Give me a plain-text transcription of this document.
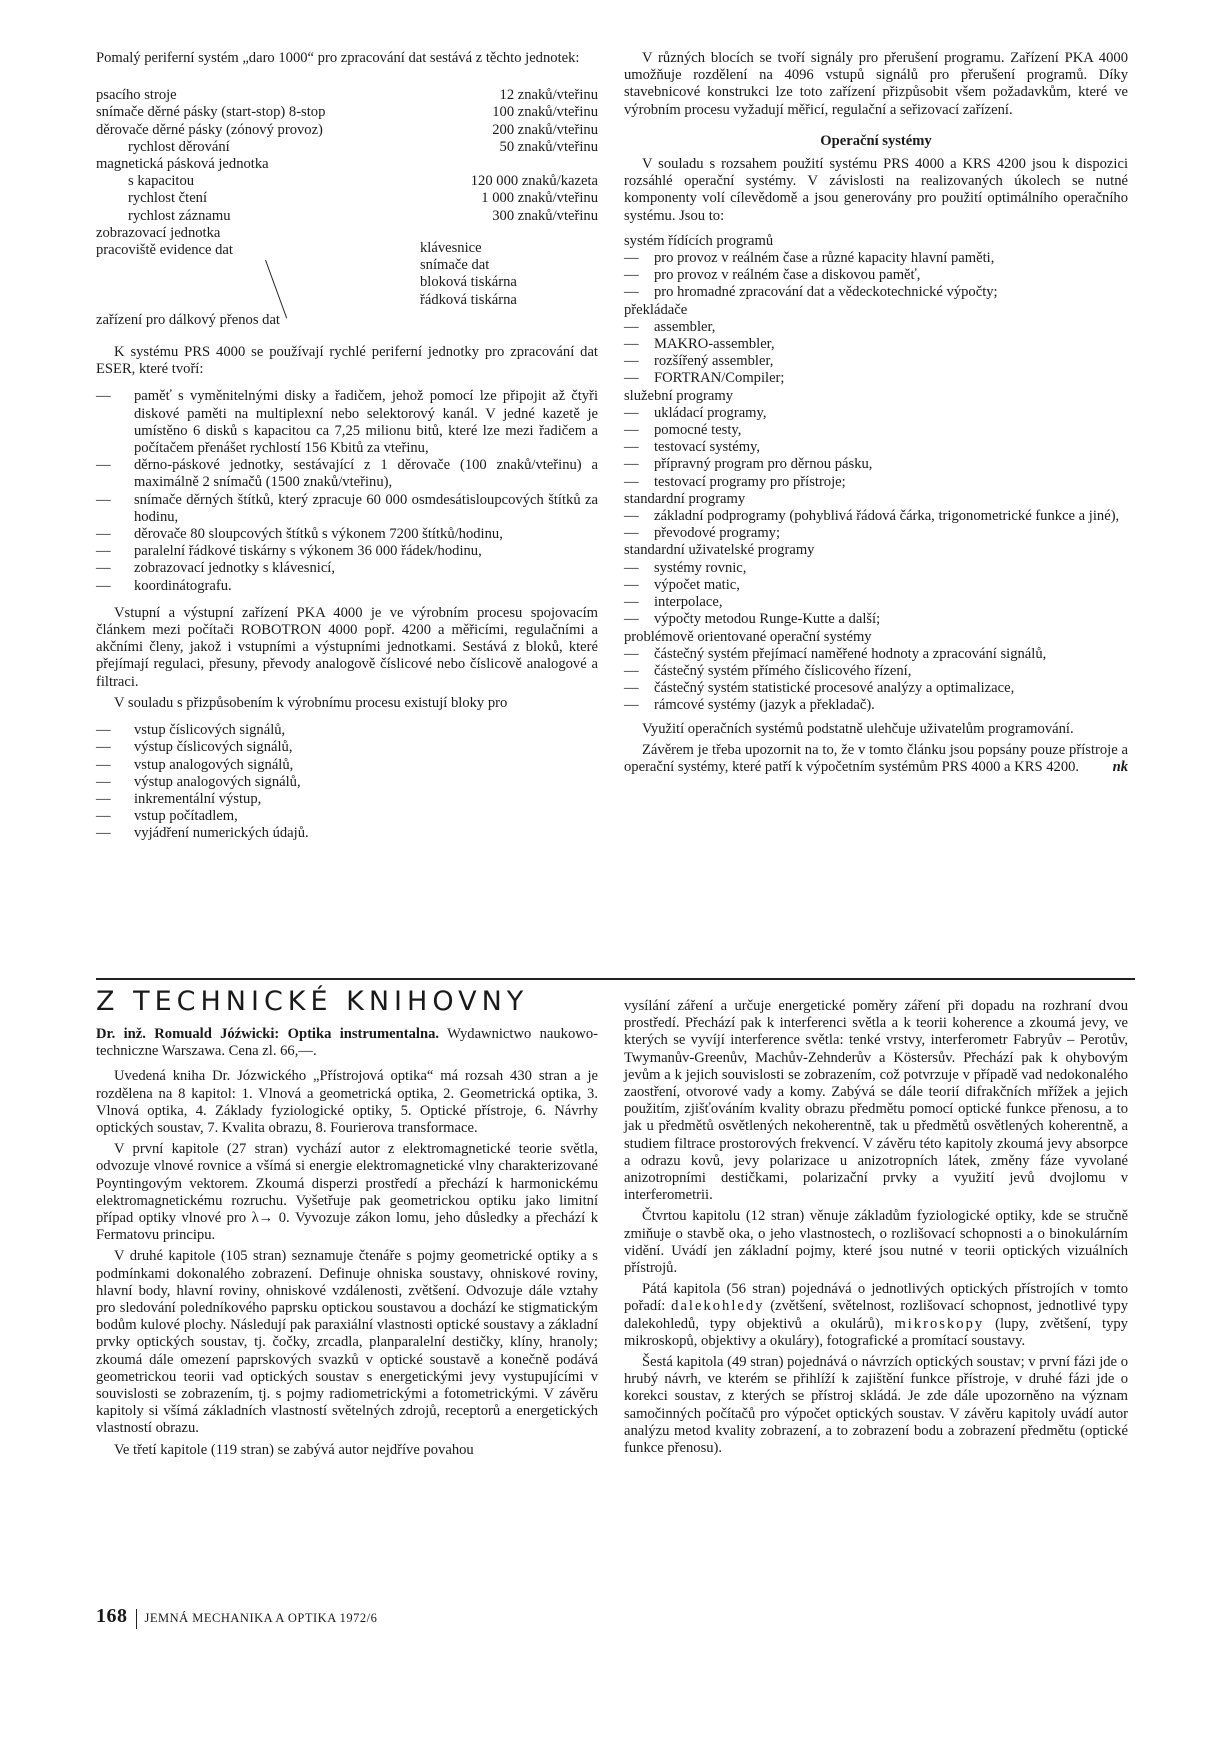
Pomalý periferní systém „daro 1000“ pro zpracování dat sestává z těchto jednotek:

psacího stroje	12 znaků/vteřinu
snímače děrné pásky (start-stop) 8-stop	100 znaků/vteřinu
děrovače děrné pásky (zónový provoz)	200 znaků/vteřinu
rychlost děrování	50 znaků/vteřinu
magnetická pásková jednotka
s kapacitou	120 000 znaků/kazeta
rychlost čtení	1 000 znaků/vteřinu
rychlost záznamu	300 znaků/vteřinu
zobrazovací jednotka
pracoviště evidence dat	klávesnice
snímače dat
bloková tiskárna
řádková tiskárna
zařízení pro dálkový přenos dat

K systému PRS 4000 se používají rychlé periferní jednotky pro zpracování dat ESER, které tvoří:

— paměť s vyměnitelnými disky a řadičem, jehož pomocí lze připojit až čtyři diskové paměti na multiplexní nebo selektorový kanál. V jedné kazetě je umístěno 6 disků s kapacitou ca 7,25 milionu bitů, které lze mezi řadičem a počítačem přenášet rychlostí 156 Kbitů za vteřinu,
— děrno-páskové jednotky, sestávající z 1 děrovače (100 znaků/vteřinu) a maximálně 2 snímačů (1500 znaků/vteřinu),
— snímače děrných štítků, který zpracuje 60 000 osmdesátisloupcových štítků za hodinu,
— děrovače 80 sloupcových štítků s výkonem 7200 štítků/hodinu,
— paralelní řádkové tiskárny s výkonem 36 000 řádek/hodinu,
— zobrazovací jednotky s klávesnicí,
— koordinátografu.

Vstupní a výstupní zařízení PKA 4000 je ve výrobním procesu spojovacím článkem mezi počítači ROBOTRON 4000 popř. 4200 a měřicími, regulačními a akčními členy, jakož i vstupními a výstupními jednotkami. Sestává z bloků, které přejímají regulaci, přesuny, převody analogově číslicové nebo číslicově analogové a filtraci.

V souladu s přizpůsobením k výrobnímu procesu existují bloky pro

— vstup číslicových signálů,
— výstup číslicových signálů,
— vstup analogových signálů,
— výstup analogových signálů,
— inkrementální výstup,
— vstup počítadlem,
— vyjádření numerických údajů.

V různých blocích se tvoří signály pro přerušení programu. Zařízení PKA 4000 umožňuje rozdělení na 4096 vstupů signálů pro přerušení programů. Díky stavebnicové konstrukci lze toto zařízení přizpůsobit všem požadavkům, které ve výrobním procesu vyžadují měřicí, regulační a seřizovací zařízení.

Operační systémy

V souladu s rozsahem použití systému PRS 4000 a KRS 4200 jsou k dispozici rozsáhlé operační systémy. V závislosti na realizovaných úkolech se nutné komponenty volí cílevědomě a jsou generovány pro použití optimálního operačního systému. Jsou to:

systém řídících programů
— pro provoz v reálném čase a různé kapacity hlavní paměti,
— pro provoz v reálném čase a diskovou paměť,
— pro hromadné zpracování dat a vědeckotechnické výpočty;
překládače
— assembler,
— MAKRO-assembler,
— rozšířený assembler,
— FORTRAN/Compiler;
služební programy
— ukládací programy,
— pomocné testy,
— testovací systémy,
— přípravný program pro děrnou pásku,
— testovací programy pro přístroje;
standardní programy
— základní podprogramy (pohyblivá řádová čárka, trigonometrické funkce a jiné),
— převodové programy;
standardní uživatelské programy
— systémy rovnic,
— výpočet matic,
— interpolace,
— výpočty metodou Runge-Kutte a další;
problémově orientované operační systémy
— částečný systém přejímací naměřené hodnoty a zpracování signálů,
— částečný systém přímého číslicového řízení,
— částečný systém statistické procesové analýzy a optimalizace,
— rámcové systémy (jazyk a překladač).

Využití operačních systémů podstatně ulehčuje uživatelům programování.

Závěrem je třeba upozornit na to, že v tomto článku jsou popsány pouze přístroje a operační systémy, které patří k výpočetním systémům PRS 4000 a KRS 4200.	nk

Z TECHNICKÉ KNIHOVNY

Dr. inž. Romuald Jóźwicki: Optika instrumentalna. Wydawnictwo naukowo-techniczne Warszawa. Cena zl. 66,—.

Uvedená kniha Dr. Józwického „Přístrojová optika“ má rozsah 430 stran a je rozdělena na 8 kapitol: 1. Vlnová a geometrická optika, 2. Geometrická optika, 3. Vlnová optika, 4. Základy fyziologické optiky, 5. Optické přístroje, 6. Návrhy optických soustav, 7. Kvalita obrazu, 8. Fourierova transformace.

V první kapitole (27 stran) vychází autor z elektromagnetické teorie světla, odvozuje vlnové rovnice a všímá si energie elektromagnetické vlny charakterizované Poyntingovým vektorem. Zkoumá disperzi prostředí a přechází k harmonickému elektromagnetickému rozruchu. Vyšetřuje pak geometrickou optiku jako limitní případ optiky vlnové pro λ→ 0. Vyvozuje zákon lomu, jeho důsledky a přechází k Fermatovu principu.

V druhé kapitole (105 stran) seznamuje čtenáře s pojmy geometrické optiky a s podmínkami dokonalého zobrazení. Definuje ohniska soustavy, ohniskové roviny, hlavní body, hlavní roviny, ohniskové vzdálenosti, zvětšení. Odvozuje dále vztahy pro sledování poledníkového paprsku optickou soustavou a dochází ke stigmatickým bodům kulové plochy. Následují pak paraxiální vlastnosti optické soustavy a základní prvky optických soustav, tj. čočky, zrcadla, planparalelní destičky, klíny, hranoly; zkoumá dále omezení paprskových svazků v optické soustavě a konečně podává geometrickou teorii vad optických soustav s energetickými jevy vystupujícími v souvislosti se zobrazením, tj. s pojmy radiometrickými a fotometrickými. V závěru kapitoly si všímá základních vlastností světelných zdrojů, receptorů a energetických vlastností obrazu.

Ve třetí kapitole (119 stran) se zabývá autor nejdříve povahou

vysílání záření a určuje energetické poměry záření při dopadu na rozhraní dvou prostředí. Přechází pak k interferenci světla a k teorii koherence a zkoumá jevy, ve kterých se vyvíjí interference světla: tenké vrstvy, interferometr Fabryův – Perotův, Twymanův-Greenův, Machův-Zehnderův a Köstersův. Přechází pak k ohybovým jevům a k jejich souvislosti se zobrazením, což potvrzuje v případě vad nedokonalého zaostření, otvorové vady a komy. Zabývá se dále teorií difrakčních mřížek a jejich použitím, zjišťováním kvality obrazu předmětu pomocí optické funkce přenosu, a to jak u předmětů osvětlených nekoherentně, tak u předmětů osvětlených koherentně, a studiem filtrace prostorových frekvencí. V závěru této kapitoly zkoumá jevy absorpce a odrazu kovů, jevy polarizace u anizotropních látek, změny fáze vyvolané anizotropními destičkami, polarizační prvky a využití jevů dvojlomu v interferometrii.

Čtvrtou kapitolu (12 stran) věnuje základům fyziologické optiky, kde se stručně zmiňuje o stavbě oka, o jeho vlastnostech, o rozlišovací schopnosti a o binokulárním vidění. Uvádí jen základní pojmy, které jsou nutné v teorii optických vizuálních přístrojů.

Pátá kapitola (56 stran) pojednává o jednotlivých optických přístrojích v tomto pořadí: dalekohledy (zvětšení, světelnost, rozlišovací schopnost, jednotlivé typy dalekohledů, typy objektivů a okulárů), mikroskopy (lupy, zvětšení, typy mikroskopů, objektivy a okuláry), fotografické a promítací soustavy.

Šestá kapitola (49 stran) pojednává o návrzích optických soustav; v první fázi jde o hrubý návrh, ve kterém se přihlíží k zajištění funkce přístroje, v druhé fázi jde o korekci soustav, z kterých se přístroj skládá. Je zde dále upozorněno na význam samočinných počítačů pro výpočet optických soustav. V závěru kapitoly uvádí autor analýzu metod kvality zobrazení, a to zobrazení bodu a zobrazení předmětu (optické funkce přenosu).

168 JEMNÁ MECHANIKA A OPTIKA 1972/6
